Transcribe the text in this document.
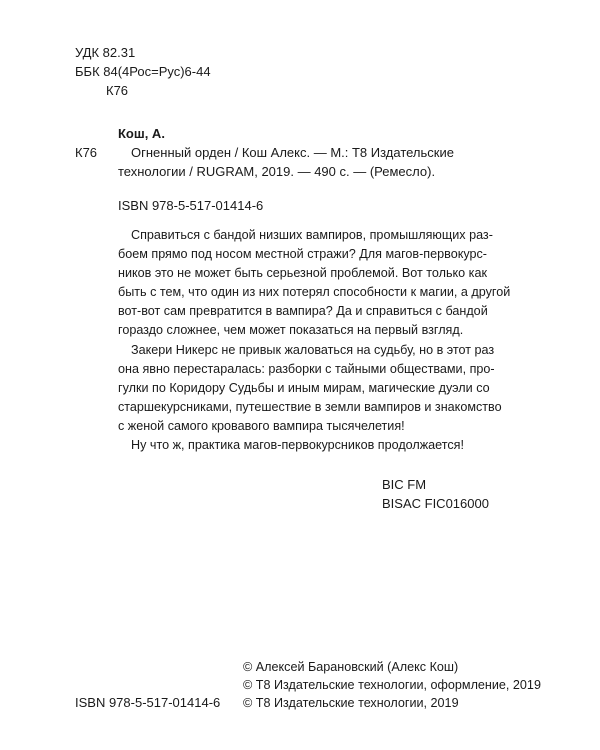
УДК 82.31
ББК 84(4Рос=Рус)6-44
К76
Кош, А.
К76	Огненный орден / Кош Алекс. — М.: Т8 Издательские
технологии / RUGRAM, 2019. — 490 с. — (Ремесло).
ISBN 978-5-517-01414-6
Справиться с бандой низших вампиров, промышляющих раз-
боем прямо под носом местной стражи? Для магов-первокурс-
ников это не может быть серьезной проблемой. Вот только как
быть с тем, что один из них потерял способности к магии, а другой
вот-вот сам превратится в вампира? Да и справиться с бандой
гораздо сложнее, чем может показаться на первый взгляд.
Закери Никерс не привык жаловаться на судьбу, но в этот раз
она явно перестаралась: разборки с тайными обществами, про-
гулки по Коридору Судьбы и иным мирам, магические дуэли со
старшекурсниками, путешествие в земли вампиров и знакомство
с женой самого кровавого вампира тысячелетия!
Ну что ж, практика магов-первокурсников продолжается!
BIC FM
BISAC FIC016000
© Алексей Барановский (Алекс Кош)
© Т8 Издательские технологии, оформление, 2019
© Т8 Издательские технологии, 2019
ISBN 978-5-517-01414-6
